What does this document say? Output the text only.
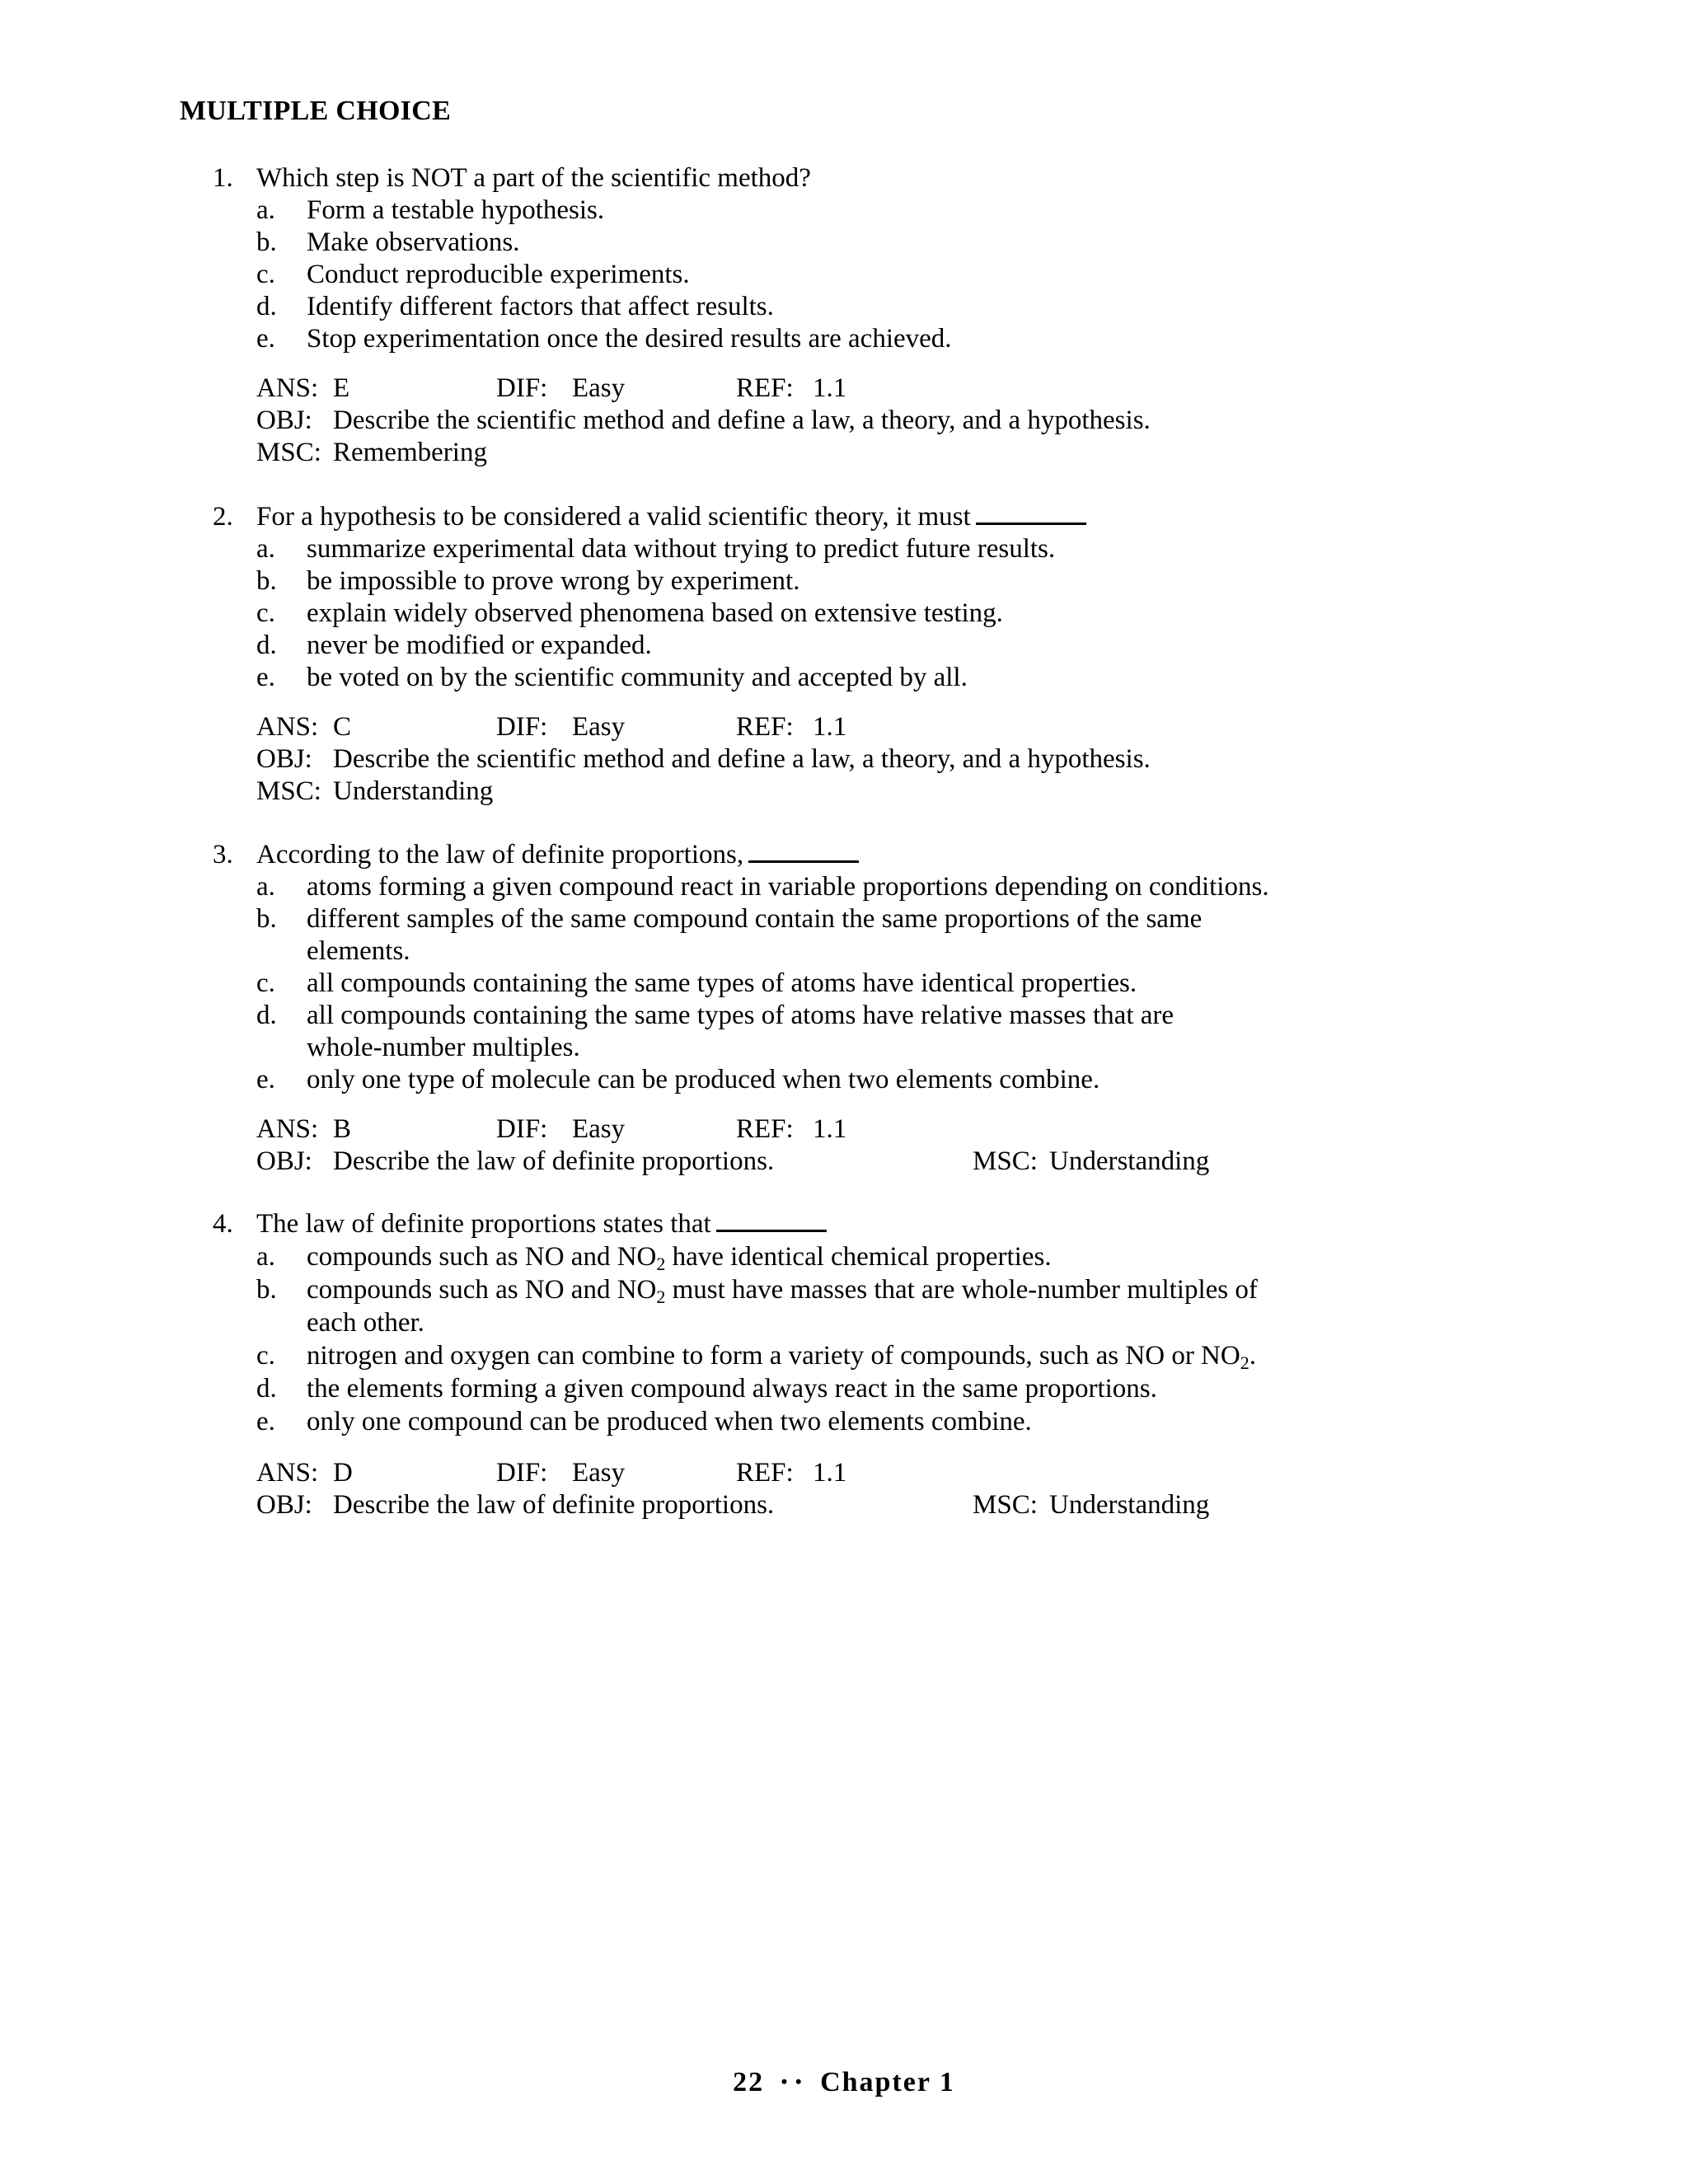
MULTIPLE CHOICE
1. Which step is NOT a part of the scientific method?
a. Form a testable hypothesis.
b. Make observations.
c. Conduct reproducible experiments.
d. Identify different factors that affect results.
e. Stop experimentation once the desired results are achieved.
ANS: E	DIF: Easy	REF: 1.1
OBJ: Describe the scientific method and define a law, a theory, and a hypothesis.
MSC: Remembering
2. For a hypothesis to be considered a valid scientific theory, it must
a. summarize experimental data without trying to predict future results.
b. be impossible to prove wrong by experiment.
c. explain widely observed phenomena based on extensive testing.
d. never be modified or expanded.
e. be voted on by the scientific community and accepted by all.
ANS: C	DIF: Easy	REF: 1.1
OBJ: Describe the scientific method and define a law, a theory, and a hypothesis.
MSC: Understanding
3. According to the law of definite proportions,
a. atoms forming a given compound react in variable proportions depending on conditions.
b. different samples of the same compound contain the same proportions of the same
elements.
c. all compounds containing the same types of atoms have identical properties.
d. all compounds containing the same types of atoms have relative masses that are
whole-number multiples.
e. only one type of molecule can be produced when two elements combine.
ANS: B	DIF: Easy	REF: 1.1
OBJ: Describe the law of definite proportions.	MSC: Understanding
4. The law of definite proportions states that
a. compounds such as NO and $NO_2$ have identical chemical properties.
b. compounds such as NO and $NO_2$ must have masses that are whole-number multiples of
each other.
c. nitrogen and oxygen can combine to form a variety of compounds, such as NO or $NO_2$.
d. the elements forming a given compound always react in the same proportions.
e. only one compound can be produced when two elements combine.
ANS: D	DIF: Easy	REF: 1.1
OBJ: Describe the law of definite proportions.	MSC: Understanding
22 • • Chapter 1
